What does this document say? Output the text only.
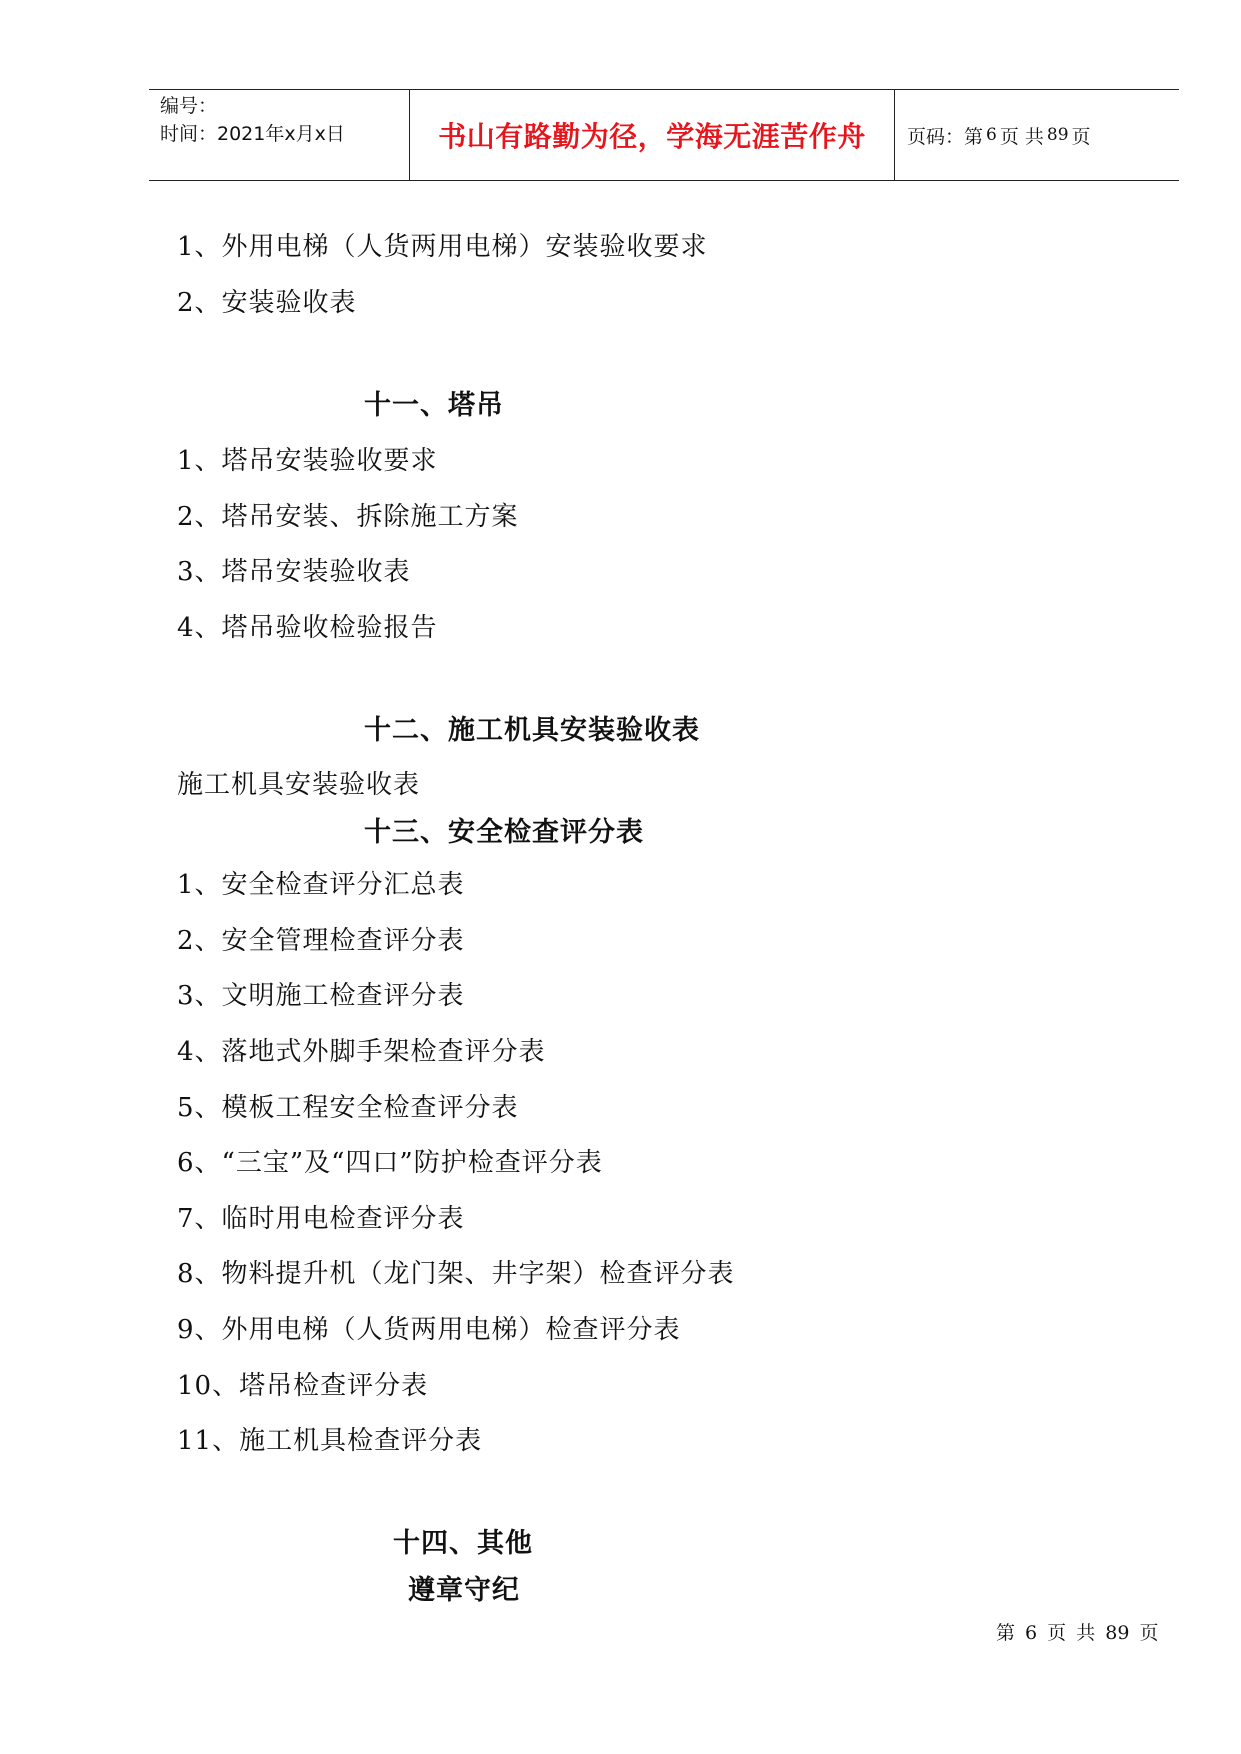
编号：
时间：2021年x月x日	书山有路勤为径，学海无涯苦作舟 页码：第 6 页 共 89 页
1、外用电梯（人货两用电梯）安装验收要求
2、安装验收表
十一、塔吊
1、塔吊安装验收要求
2、塔吊安装、拆除施工方案
3、塔吊安装验收表
4、塔吊验收检验报告
十二、施工机具安装验收表
施工机具安装验收表
十三、安全检查评分表
1、安全检查评分汇总表
2、安全管理检查评分表
3、文明施工检查评分表
4、落地式外脚手架检查评分表
5、模板工程安全检查评分表
6、“三宝”及“四口”防护检查评分表
7、临时用电检查评分表
8、物料提升机（龙门架、井字架）检查评分表
9、外用电梯（人货两用电梯）检查评分表
10、塔吊检查评分表
11、施工机具检查评分表
十四、其他
遵章守纪
第 6 页 共 89 页
